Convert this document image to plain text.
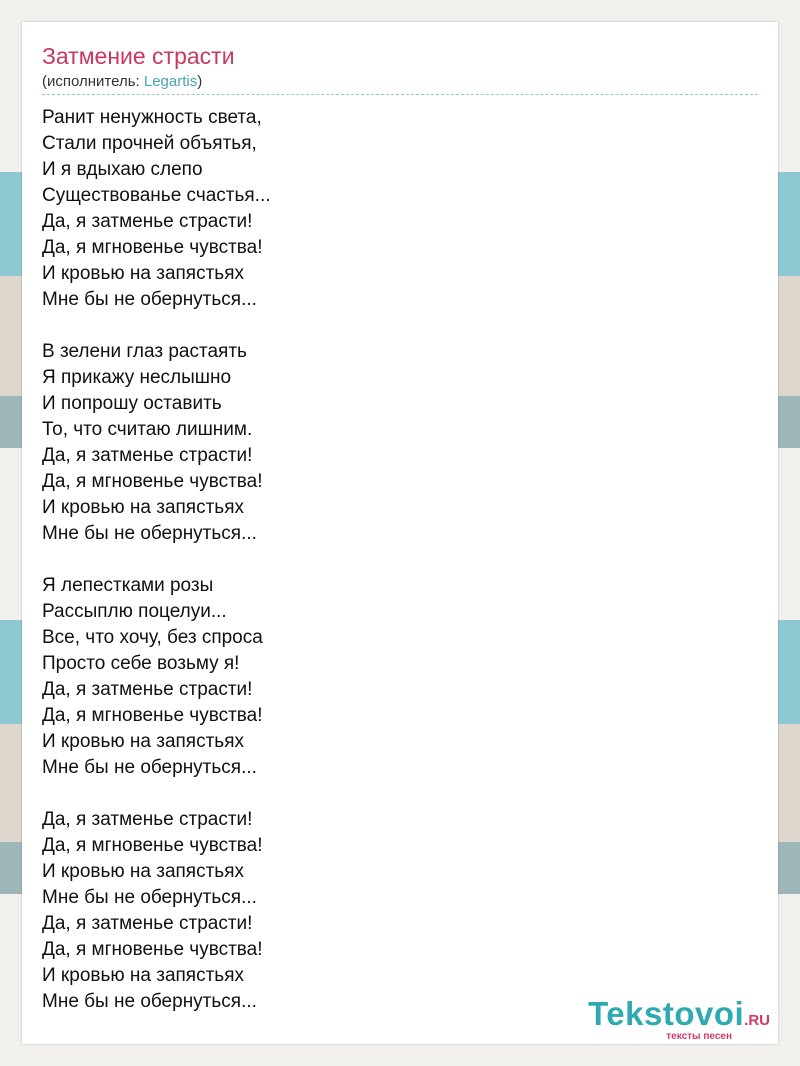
Затмение страсти
(исполнитель: Legartis)
Ранит ненужность света,
Стали прочней объятья,
И я вдыхаю слепо
Существованье счастья...
Да, я затменье страсти!
Да, я мгновенье чувства!
И кровью на запястьях
Мне бы не обернуться...
В зелени глаз растаять
Я прикажу неслышно
И попрошу оставить
То, что считаю лишним.
Да, я затменье страсти!
Да, я мгновенье чувства!
И кровью на запястьях
Мне бы не обернуться...
Я лепестками розы
Рассыплю поцелуи...
Все, что хочу, без спроса
Просто себе возьму я!
Да, я затменье страсти!
Да, я мгновенье чувства!
И кровью на запястьях
Мне бы не обернуться...
Да, я затменье страсти!
Да, я мгновенье чувства!
И кровью на запястьях
Мне бы не обернуться...
Да, я затменье страсти!
Да, я мгновенье чувства!
И кровью на запястьях
Мне бы не обернуться...	Tekstovoi.RU
тексты песен
